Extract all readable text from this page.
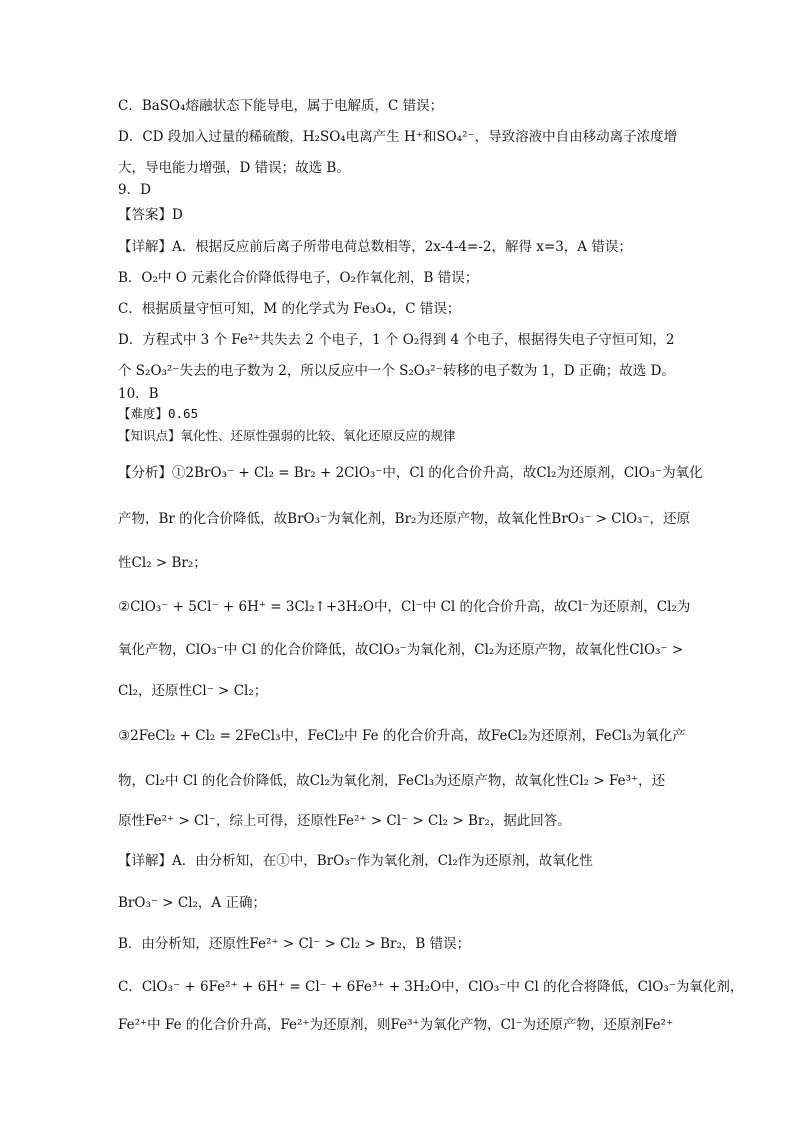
C．BaSO₄熔融状态下能导电，属于电解质，C 错误；
D．CD 段加入过量的稀硫酸，H₂SO₄电离产生 H⁺和SO₄²⁻，导致溶液中自由移动离子浓度增
大，导电能力增强，D 错误；故选 B。
9．D
【答案】D
【详解】A．根据反应前后离子所带电荷总数相等，2x-4-4=-2，解得 x=3，A 错误；
B．O₂中 O 元素化合价降低得电子，O₂作氧化剂，B 错误；
C．根据质量守恒可知，M 的化学式为 Fe₃O₄，C 错误；
D．方程式中 3 个 Fe²⁺共失去 2 个电子，1 个 O₂得到 4 个电子，根据得失电子守恒可知，2
个 S₂O₃²⁻失去的电子数为 2，所以反应中一个 S₂O₃²⁻转移的电子数为 1，D 正确；故选 D。
10．B
【难度】0.65
【知识点】氧化性、还原性强弱的比较、氧化还原反应的规律
【分析】①2BrO₃⁻ + Cl₂ = Br₂ + 2ClO₃⁻中，Cl 的化合价升高，故Cl₂为还原剂，ClO₃⁻为氧化
产物，Br 的化合价降低，故BrO₃⁻为氧化剂，Br₂为还原产物，故氧化性BrO₃⁻ > ClO₃⁻，还原
性Cl₂ > Br₂；
②ClO₃⁻ + 5Cl⁻ + 6H⁺ = 3Cl₂↑+3H₂O中，Cl⁻中 Cl 的化合价升高，故Cl⁻为还原剂，Cl₂为
氧化产物，ClO₃⁻中 Cl 的化合价降低，故ClO₃⁻为氧化剂，Cl₂为还原产物，故氧化性ClO₃⁻ >
Cl₂，还原性Cl⁻ > Cl₂；
③2FeCl₂ + Cl₂ = 2FeCl₃中，FeCl₂中 Fe 的化合价升高，故FeCl₂为还原剂，FeCl₃为氧化产
物，Cl₂中 Cl 的化合价降低，故Cl₂为氧化剂，FeCl₃为还原产物，故氧化性Cl₂ > Fe³⁺，还
原性Fe²⁺ > Cl⁻，综上可得，还原性Fe²⁺ > Cl⁻ > Cl₂ > Br₂，据此回答。
【详解】A．由分析知，在①中，BrO₃⁻作为氧化剂，Cl₂作为还原剂，故氧化性
BrO₃⁻ > Cl₂，A 正确；
B．由分析知，还原性Fe²⁺ > Cl⁻ > Cl₂ > Br₂，B 错误；
C．ClO₃⁻ + 6Fe²⁺ + 6H⁺ = Cl⁻ + 6Fe³⁺ + 3H₂O中，ClO₃⁻中 Cl 的化合将降低，ClO₃⁻为氧化剂，
Fe²⁺中 Fe 的化合价升高，Fe²⁺为还原剂，则Fe³⁺为氧化产物，Cl⁻为还原产物，还原剂Fe²⁺
